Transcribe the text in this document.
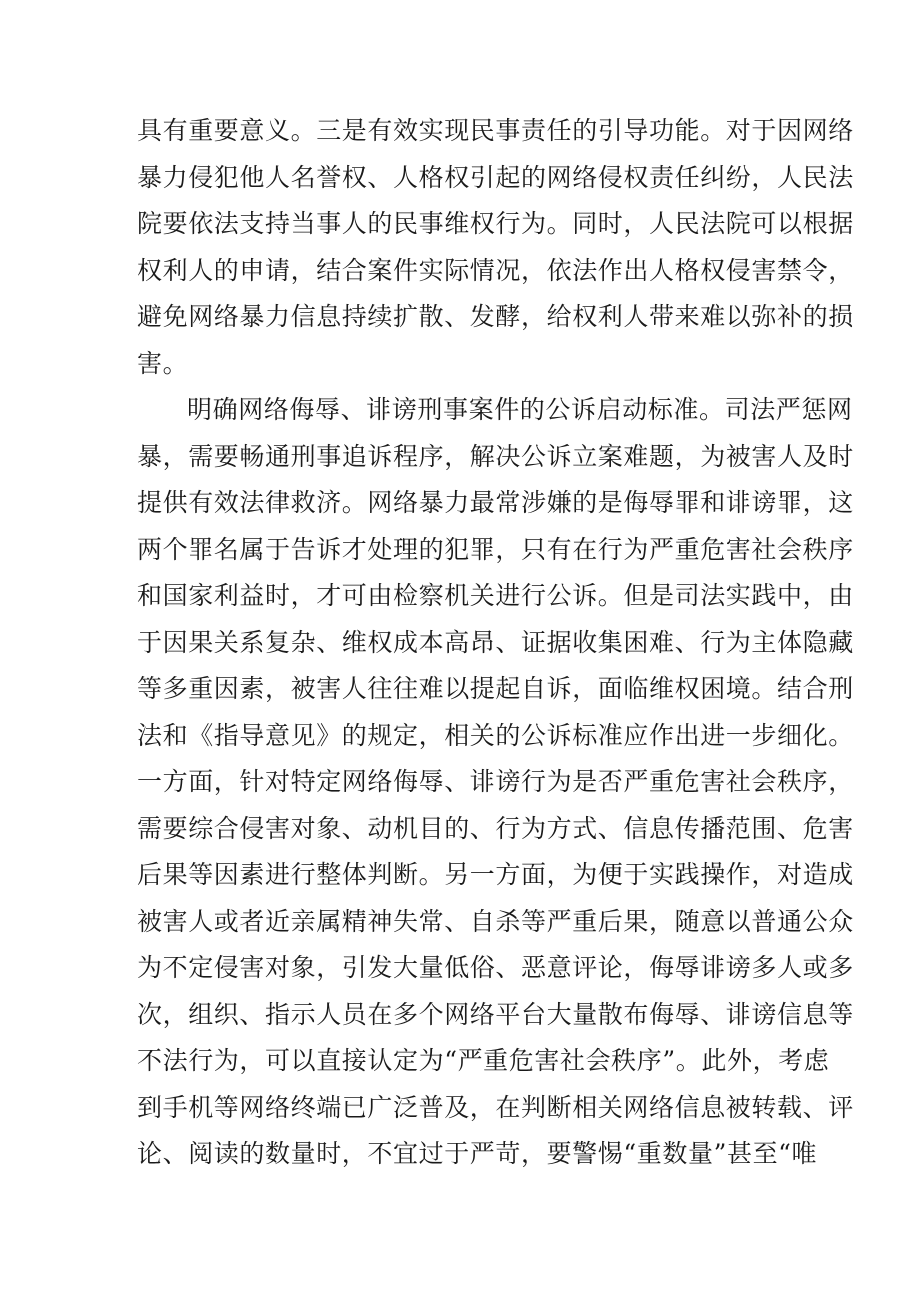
具有重要意义。三是有效实现民事责任的引导功能。对于因网络
暴力侵犯他人名誉权、人格权引起的网络侵权责任纠纷，人民法
院要依法支持当事人的民事维权行为。同时，人民法院可以根据
权利人的申请，结合案件实际情况，依法作出人格权侵害禁令，
避免网络暴力信息持续扩散、发酵，给权利人带来难以弥补的损
害。
明确网络侮辱、诽谤刑事案件的公诉启动标准。司法严惩网
暴，需要畅通刑事追诉程序，解决公诉立案难题，为被害人及时
提供有效法律救济。网络暴力最常涉嫌的是侮辱罪和诽谤罪，这
两个罪名属于告诉才处理的犯罪，只有在行为严重危害社会秩序
和国家利益时，才可由检察机关进行公诉。但是司法实践中，由
于因果关系复杂、维权成本高昂、证据收集困难、行为主体隐藏
等多重因素，被害人往往难以提起自诉，面临维权困境。结合刑
法和《指导意见》的规定，相关的公诉标准应作出进一步细化。
一方面，针对特定网络侮辱、诽谤行为是否严重危害社会秩序，
需要综合侵害对象、动机目的、行为方式、信息传播范围、危害
后果等因素进行整体判断。另一方面，为便于实践操作，对造成
被害人或者近亲属精神失常、自杀等严重后果，随意以普通公众
为不定侵害对象，引发大量低俗、恶意评论，侮辱诽谤多人或多
次，组织、指示人员在多个网络平台大量散布侮辱、诽谤信息等
不法行为，可以直接认定为“严重危害社会秩序”。此外，考虑
到手机等网络终端已广泛普及，在判断相关网络信息被转载、评
论、阅读的数量时，不宜过于严苛，要警惕“重数量”甚至“唯
